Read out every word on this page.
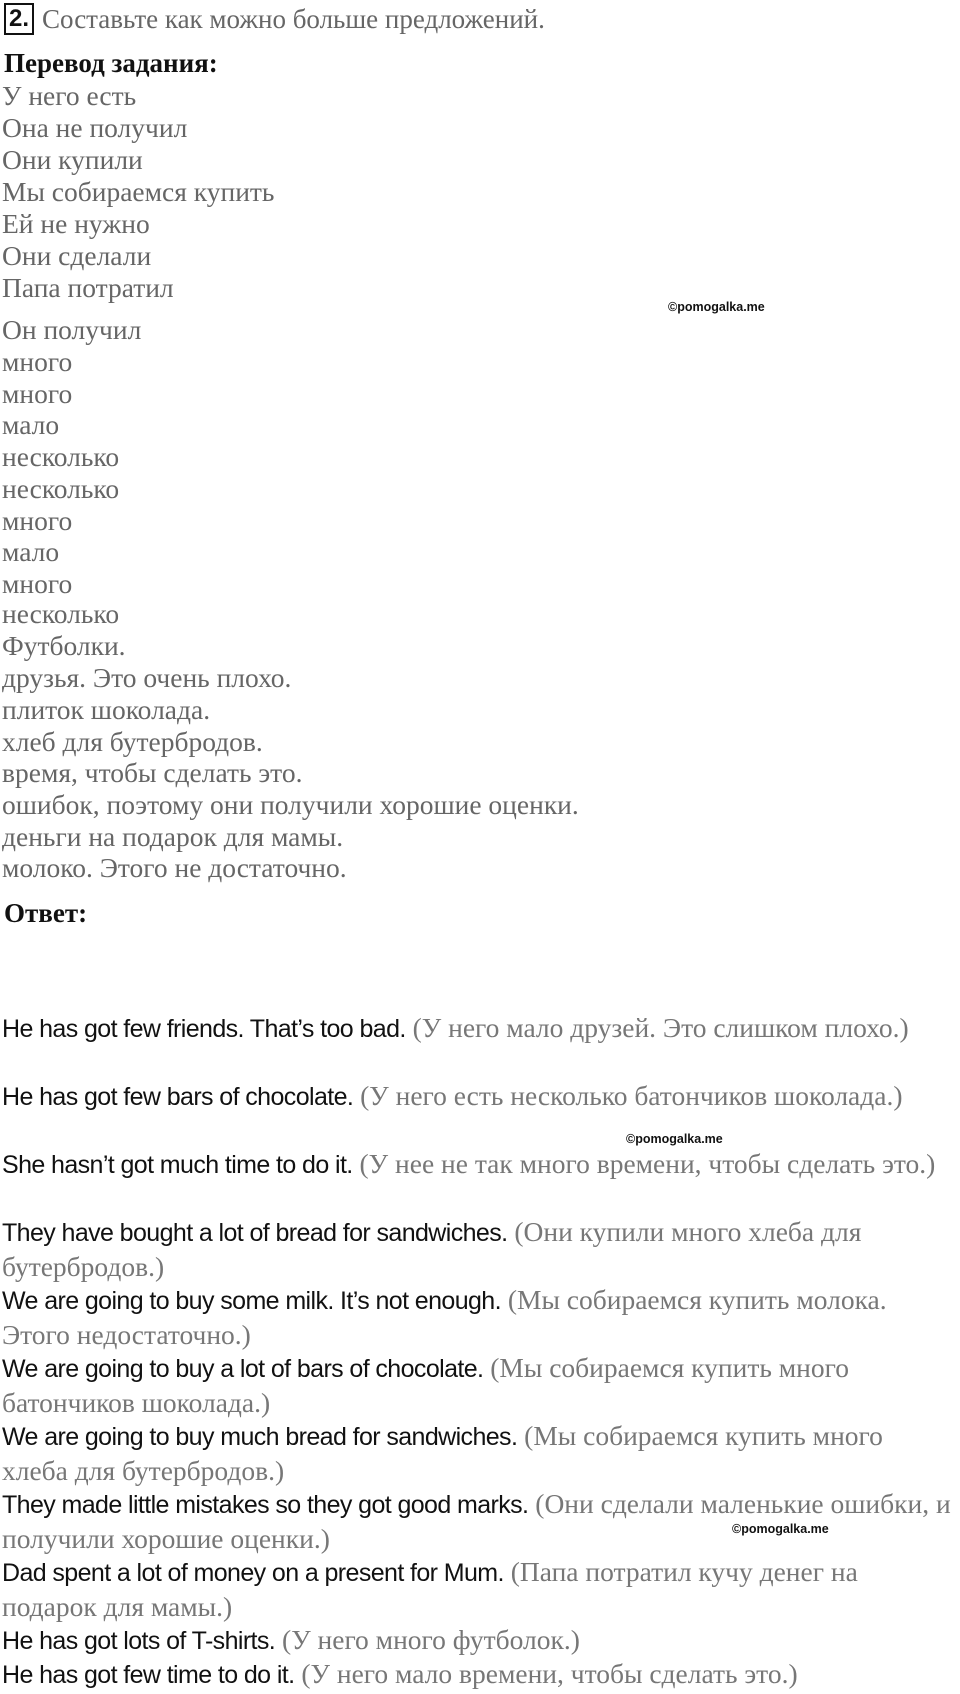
2. Составьте как можно больше предложений.
Перевод задания:
У него есть
Она не получил
Они купили
Мы собираемся купить
Ей не нужно
Они сделали
Папа потратил
Он получил
много
много
мало
несколько
несколько
много
мало
много
несколько
Футболки.
друзья. Это очень плохо.
плиток шоколада.
хлеб для бутербродов.
время, чтобы сделать это.
ошибок, поэтому они получили хорошие оценки.
деньги на подарок для мамы.
молоко. Этого не достаточно.
Ответ:
He has got few friends. That’s too bad. (У него мало друзей. Это слишком плохо.)
He has got few bars of chocolate. (У него есть несколько батончиков шоколада.)
She hasn’t got much time to do it. (У нее не так много времени, чтобы сделать это.)
They have bought a lot of bread for sandwiches. (Они купили много хлеба для бутербродов.)
We are going to buy some milk. It’s not enough. (Мы собираемся купить молока. Этого недостаточно.)
We are going to buy a lot of bars of chocolate. (Мы собираемся купить много батончиков шоколада.)
We are going to buy much bread for sandwiches. (Мы собираемся купить много хлеба для бутербродов.)
They made little mistakes so they got good marks. (Они сделали маленькие ошибки, и получили хорошие оценки.)
Dad spent a lot of money on a present for Mum. (Папа потратил кучу денег на подарок для мамы.)
He has got lots of T-shirts. (У него много футболок.)
He has got few time to do it. (У него мало времени, чтобы сделать это.)
©pomogalka.me
©pomogalka.me
©pomogalka.me
